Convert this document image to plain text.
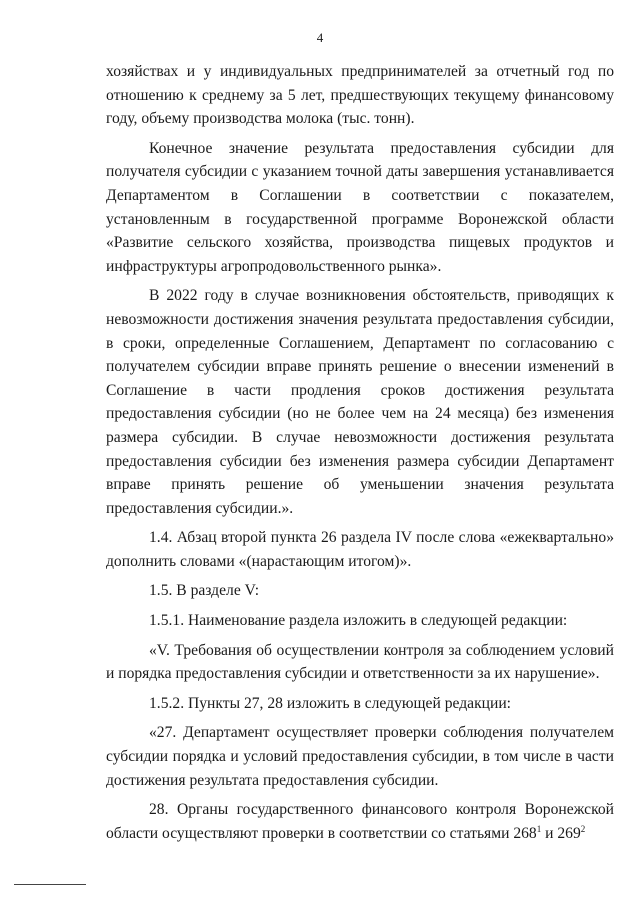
4

хозяйствах и у индивидуальных предпринимателей за отчетный год по отношению к среднему за 5 лет, предшествующих текущему финансовому году, объему производства молока (тыс. тонн).

Конечное значение результата предоставления субсидии для получателя субсидии с указанием точной даты завершения устанавливается Департаментом в Соглашении в соответствии с показателем, установленным в государственной программе Воронежской области «Развитие сельского хозяйства, производства пищевых продуктов и инфраструктуры агропродовольственного рынка».

В 2022 году в случае возникновения обстоятельств, приводящих к невозможности достижения значения результата предоставления субсидии, в сроки, определенные Соглашением, Департамент по согласованию с получателем субсидии вправе принять решение о внесении изменений в Соглашение в части продления сроков достижения результата предоставления субсидии (но не более чем на 24 месяца) без изменения размера субсидии. В случае невозможности достижения результата предоставления субсидии без изменения размера субсидии Департамент вправе принять решение об уменьшении значения результата предоставления субсидии.».

1.4. Абзац второй пункта 26 раздела IV после слова «ежеквартально» дополнить словами «(нарастающим итогом)».

1.5. В разделе V:

1.5.1. Наименование раздела изложить в следующей редакции:

«V. Требования об осуществлении контроля за соблюдением условий и порядка предоставления субсидии и ответственности за их нарушение».

1.5.2. Пункты 27, 28 изложить в следующей редакции:

«27. Департамент осуществляет проверки соблюдения получателем субсидии порядка и условий предоставления субсидии, в том числе в части достижения результата предоставления субсидии.

28. Органы государственного финансового контроля Воронежской области осуществляют проверки в соответствии со статьями $268^1$ и $269^2$
